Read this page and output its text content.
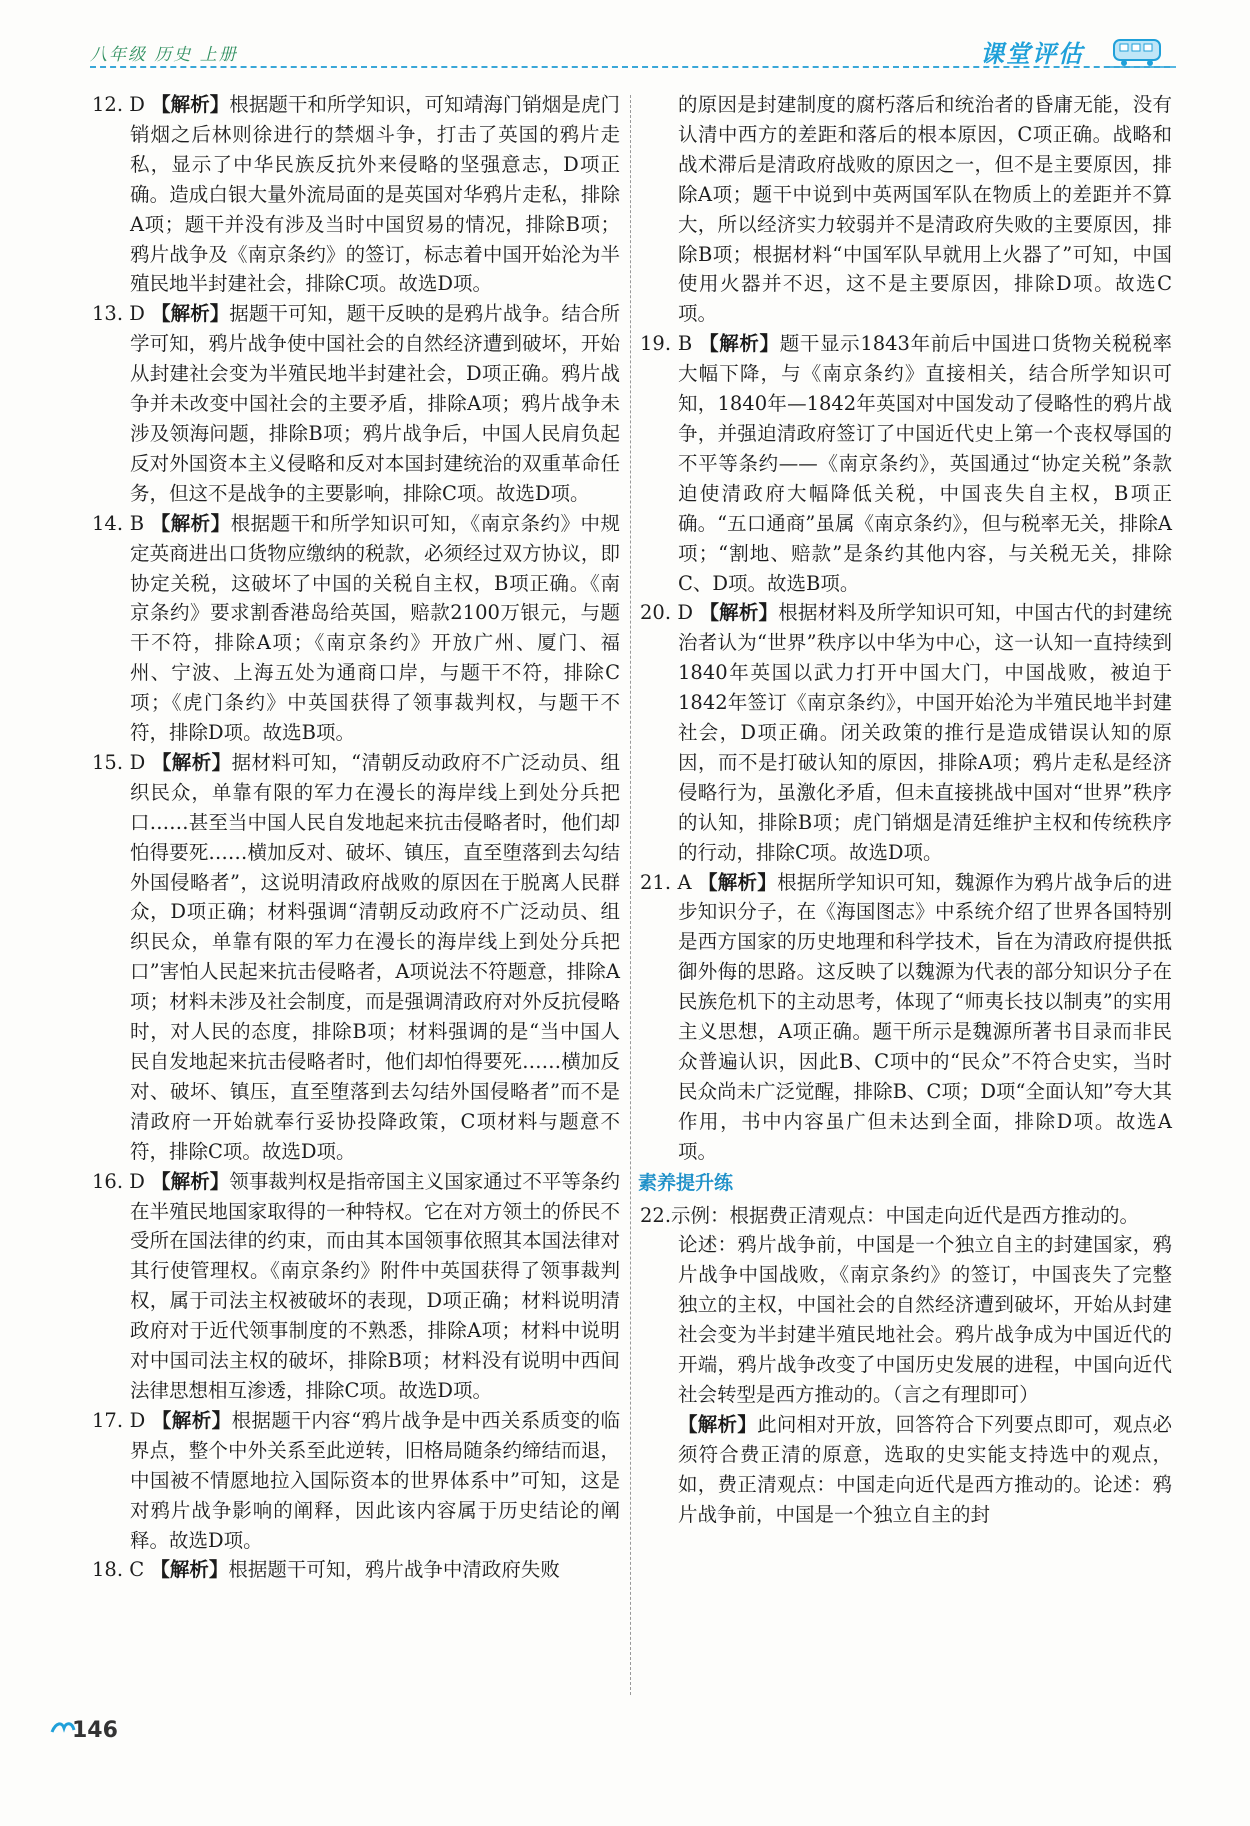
八年级 历史 上册	课堂评估
12. D 【解析】根据题干和所学知识，可知靖海门销烟是虎门销烟之后林则徐进行的禁烟斗争，打击了英国的鸦片走私，显示了中华民族反抗外来侵略的坚强意志，D项正确。造成白银大量外流局面的是英国对华鸦片走私，排除A项；题干并没有涉及当时中国贸易的情况，排除B项；鸦片战争及《南京条约》的签订，标志着中国开始沦为半殖民地半封建社会，排除C项。故选D项。
13. D 【解析】据题干可知，题干反映的是鸦片战争。结合所学可知，鸦片战争使中国社会的自然经济遭到破坏，开始从封建社会变为半殖民地半封建社会，D项正确。鸦片战争并未改变中国社会的主要矛盾，排除A项；鸦片战争未涉及领海问题，排除B项；鸦片战争后，中国人民肩负起反对外国资本主义侵略和反对本国封建统治的双重革命任务，但这不是战争的主要影响，排除C项。故选D项。
14. B 【解析】根据题干和所学知识可知，《南京条约》中规定英商进出口货物应缴纳的税款，必须经过双方协议，即协定关税，这破坏了中国的关税自主权，B项正确。《南京条约》要求割香港岛给英国，赔款2100万银元，与题干不符，排除A项；《南京条约》开放广州、厦门、福州、宁波、上海五处为通商口岸，与题干不符，排除C项；《虎门条约》中英国获得了领事裁判权，与题干不符，排除D项。故选B项。
15. D 【解析】据材料可知，“清朝反动政府不广泛动员、组织民众，单靠有限的军力在漫长的海岸线上到处分兵把口……甚至当中国人民自发地起来抗击侵略者时，他们却怕得要死……横加反对、破坏、镇压，直至堕落到去勾结外国侵略者”，这说明清政府战败的原因在于脱离人民群众，D项正确；材料强调“清朝反动政府不广泛动员、组织民众，单靠有限的军力在漫长的海岸线上到处分兵把口”害怕人民起来抗击侵略者，A项说法不符题意，排除A项；材料未涉及社会制度，而是强调清政府对外反抗侵略时，对人民的态度，排除B项；材料强调的是“当中国人民自发地起来抗击侵略者时，他们却怕得要死……横加反对、破坏、镇压，直至堕落到去勾结外国侵略者”而不是清政府一开始就奉行妥协投降政策，C项材料与题意不符，排除C项。故选D项。
16. D 【解析】领事裁判权是指帝国主义国家通过不平等条约在半殖民地国家取得的一种特权。它在对方领土的侨民不受所在国法律的约束，而由其本国领事依照其本国法律对其行使管理权。《南京条约》附件中英国获得了领事裁判权，属于司法主权被破坏的表现，D项正确；材料说明清政府对于近代领事制度的不熟悉，排除A项；材料中说明对中国司法主权的破坏，排除B项；材料没有说明中西间法律思想相互渗透，排除C项。故选D项。
17. D 【解析】根据题干内容“鸦片战争是中西关系质变的临界点，整个中外关系至此逆转，旧格局随条约缔结而退，中国被不情愿地拉入国际资本的世界体系中”可知，这是对鸦片战争影响的阐释，因此该内容属于历史结论的阐释。故选D项。
18. C 【解析】根据题干可知，鸦片战争中清政府失败
的原因是封建制度的腐朽落后和统治者的昏庸无能，没有认清中西方的差距和落后的根本原因，C项正确。战略和战术滞后是清政府战败的原因之一，但不是主要原因，排除A项；题干中说到中英两国军队在物质上的差距并不算大，所以经济实力较弱并不是清政府失败的主要原因，排除B项；根据材料“中国军队早就用上火器了”可知，中国使用火器并不迟，这不是主要原因，排除D项。故选C项。
19. B 【解析】题干显示1843年前后中国进口货物关税税率大幅下降，与《南京条约》直接相关，结合所学知识可知，1840年—1842年英国对中国发动了侵略性的鸦片战争，并强迫清政府签订了中国近代史上第一个丧权辱国的不平等条约——《南京条约》，英国通过“协定关税”条款迫使清政府大幅降低关税，中国丧失自主权，B项正确。“五口通商”虽属《南京条约》，但与税率无关，排除A项；“割地、赔款”是条约其他内容，与关税无关，排除C、D项。故选B项。
20. D 【解析】根据材料及所学知识可知，中国古代的封建统治者认为“世界”秩序以中华为中心，这一认知一直持续到1840年英国以武力打开中国大门，中国战败，被迫于1842年签订《南京条约》，中国开始沦为半殖民地半封建社会，D项正确。闭关政策的推行是造成错误认知的原因，而不是打破认知的原因，排除A项；鸦片走私是经济侵略行为，虽激化矛盾，但未直接挑战中国对“世界”秩序的认知，排除B项；虎门销烟是清廷维护主权和传统秩序的行动，排除C项。故选D项。
21. A 【解析】根据所学知识可知，魏源作为鸦片战争后的进步知识分子，在《海国图志》中系统介绍了世界各国特别是西方国家的历史地理和科学技术，旨在为清政府提供抵御外侮的思路。这反映了以魏源为代表的部分知识分子在民族危机下的主动思考，体现了“师夷长技以制夷”的实用主义思想，A项正确。题干所示是魏源所著书目录而非民众普遍认识，因此B、C项中的“民众”不符合史实，当时民众尚未广泛觉醒，排除B、C项；D项“全面认知”夸大其作用，书中内容虽广但未达到全面，排除D项。故选A项。
素养提升练
22.示例：根据费正清观点：中国走向近代是西方推动的。
论述：鸦片战争前，中国是一个独立自主的封建国家，鸦片战争中国战败，《南京条约》的签订，中国丧失了完整独立的主权，中国社会的自然经济遭到破坏，开始从封建社会变为半封建半殖民地社会。鸦片战争成为中国近代的开端，鸦片战争改变了中国历史发展的进程，中国向近代社会转型是西方推动的。（言之有理即可）
【解析】此问相对开放，回答符合下列要点即可，观点必须符合费正清的原意，选取的史实能支持选中的观点，如，费正清观点：中国走向近代是西方推动的。论述：鸦片战争前，中国是一个独立自主的封
146
